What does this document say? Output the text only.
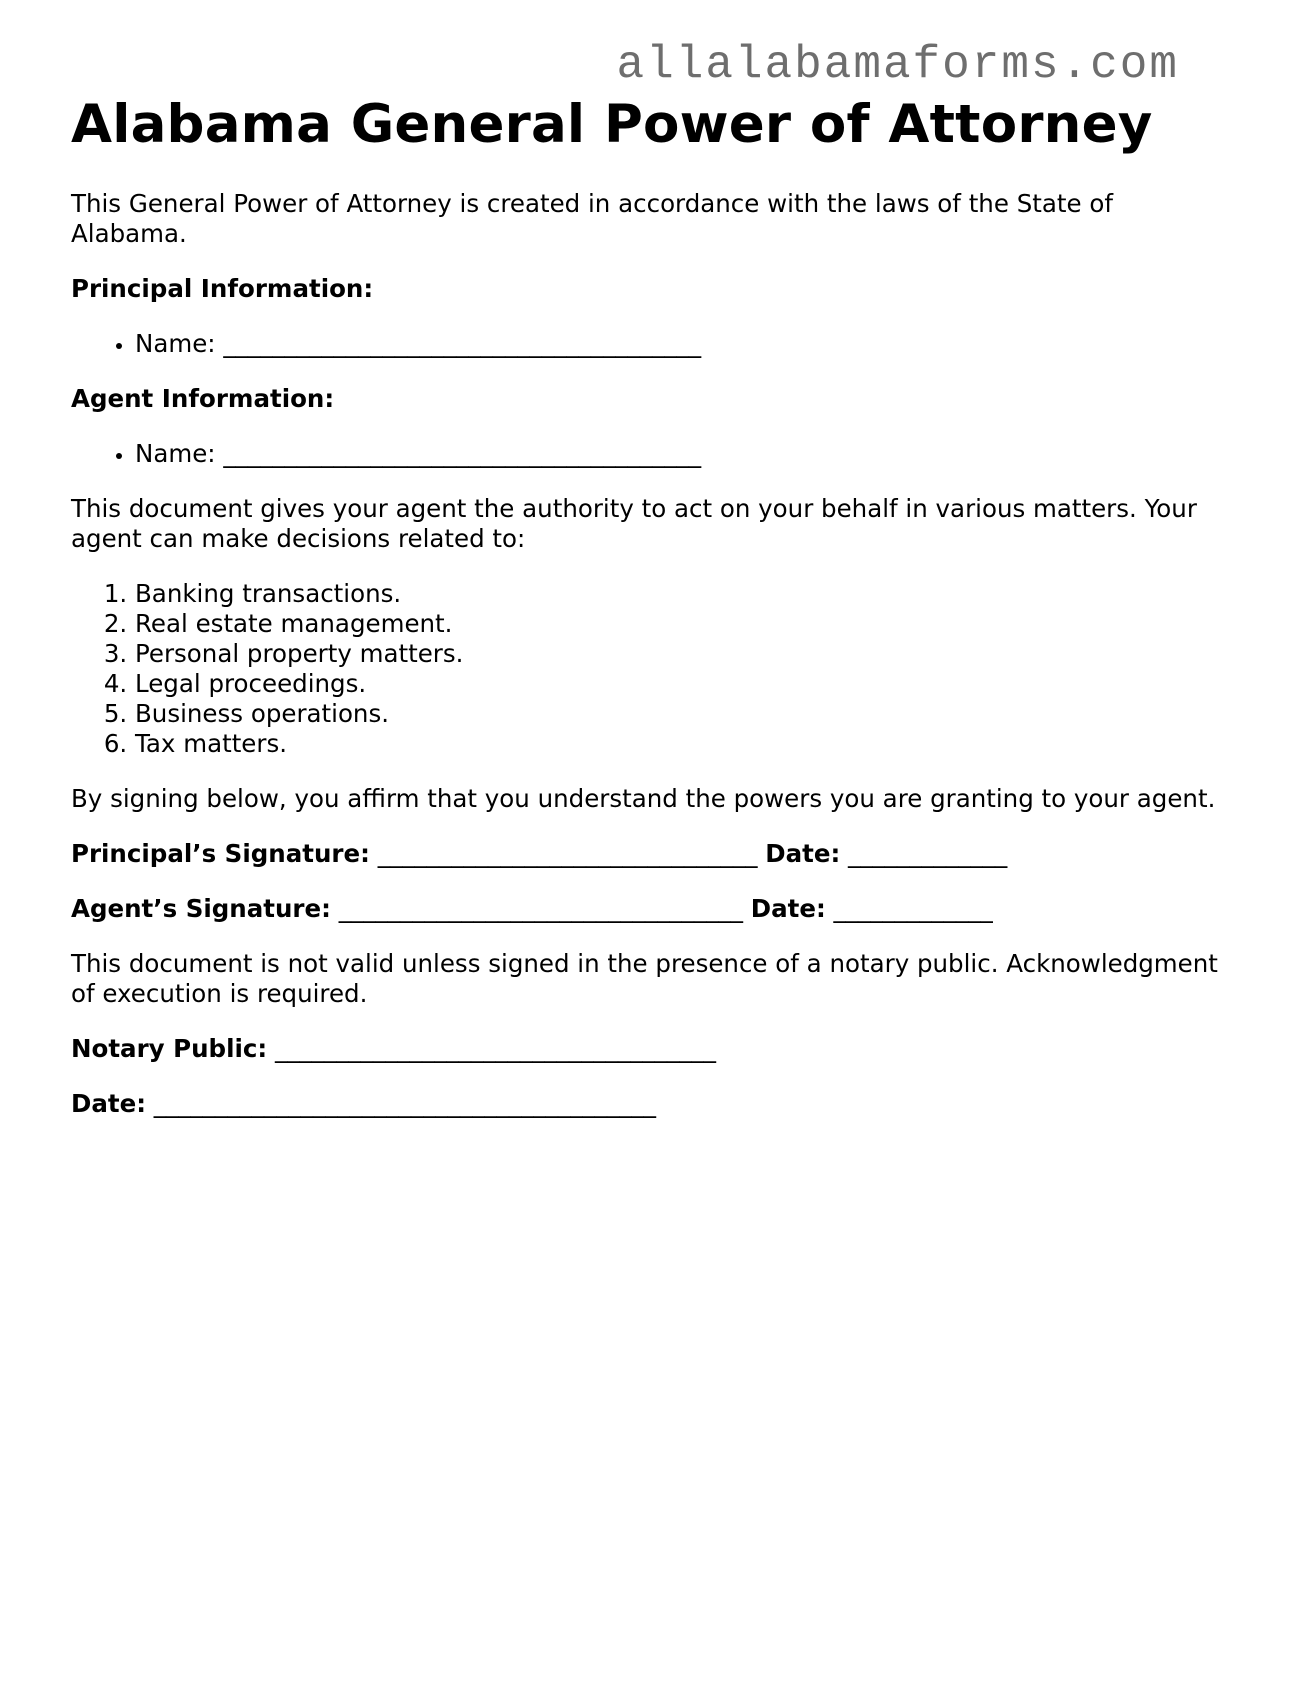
allalabamaforms.com
Alabama General Power of Attorney

This General Power of Attorney is created in accordance with the laws of the State of Alabama.

Principal Information:

• Name: _______________________________________

Agent Information:

• Name: _______________________________________

This document gives your agent the authority to act on your behalf in various matters. Your agent can make decisions related to:

1. Banking transactions.
2. Real estate management.
3. Personal property matters.
4. Legal proceedings.
5. Business operations.
6. Tax matters.

By signing below, you affirm that you understand the powers you are granting to your agent.

Principal’s Signature: _______________________________ Date: _____________

Agent’s Signature: _________________________________ Date: _____________

This document is not valid unless signed in the presence of a notary public. Acknowledgment of execution is required.

Notary Public: ____________________________________

Date: _________________________________________
